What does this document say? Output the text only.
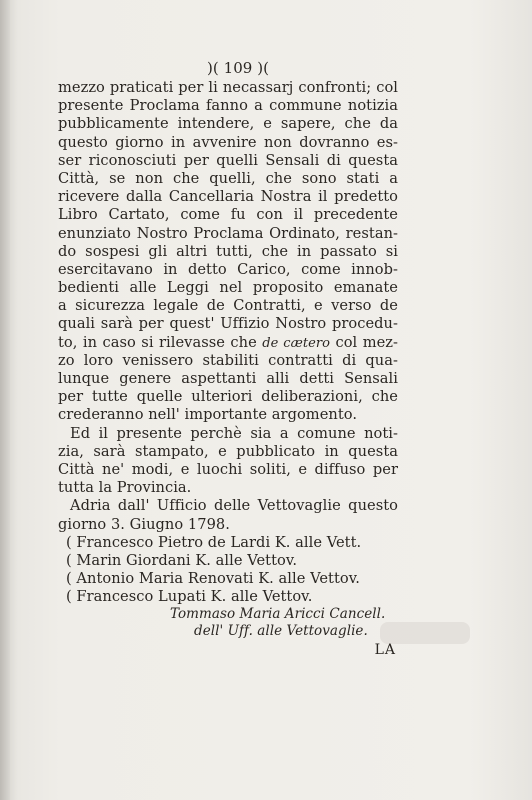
)( 109 )(
mezzo praticati per li necassarj confronti; col
presente Proclama fanno a commune notizia
pubblicamente intendere, e sapere, che da
questo giorno in avvenire non dovranno es-
ser riconosciuti per quelli Sensali di questa
Città, se non che quelli, che sono stati a
ricevere dalla Cancellaria Nostra il predetto
Libro Cartato, come fu con il precedente
enunziato Nostro Proclama Ordinato, restan-
do sospesi gli altri tutti, che in passato si
esercitavano in detto Carico, come innob-
bedienti alle Leggi nel proposito emanate
a sicurezza legale de Contratti, e verso de
quali sarà per quest' Uffizio Nostro procedu-
to, in caso si rilevasse che de cætero col mez-
zo loro venissero stabiliti contratti di qua-
lunque genere aspettanti alli detti Sensali
per tutte quelle ulteriori deliberazioni, che
crederanno nell' importante argomento.
Ed il presente perchè sia a comune noti-
zia, sarà stampato, e pubblicato in questa
Città ne' modi, e luochi soliti, e diffuso per
tutta la Provincia.
Adria dall' Ufficio delle Vettovaglie questo
giorno 3. Giugno 1798.
( Francesco Pietro de Lardi K. alle Vett.
( Marin Giordani K. alle Vettov.
( Antonio Maria Renovati K. alle Vettov.
( Francesco Lupati K. alle Vettov.
Tommaso Maria Aricci Cancell.
dell' Uff. alle Vettovaglie.
LA
